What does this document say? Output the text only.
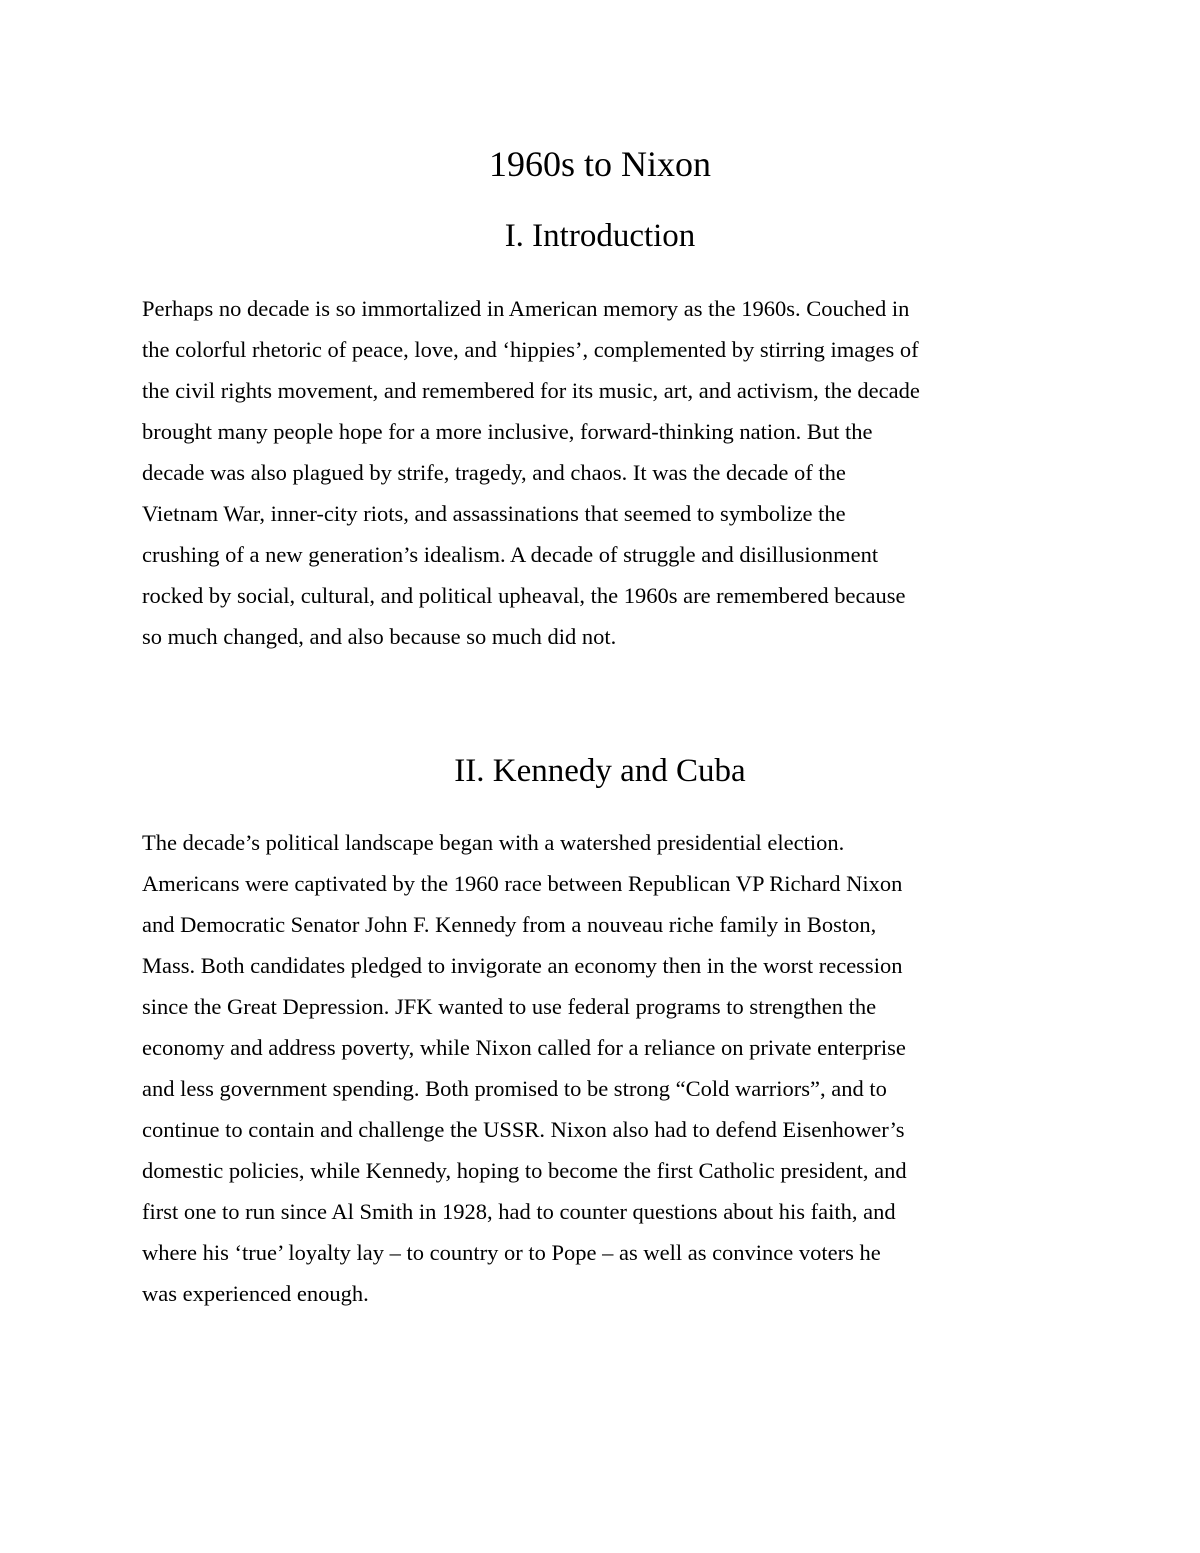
1960s to Nixon
I. Introduction

Perhaps no decade is so immortalized in American memory as the 1960s. Couched in
the colorful rhetoric of peace, love, and ‘hippies’, complemented by stirring images of
the civil rights movement, and remembered for its music, art, and activism, the decade
brought many people hope for a more inclusive, forward-thinking nation. But the
decade was also plagued by strife, tragedy, and chaos. It was the decade of the
Vietnam War, inner-city riots, and assassinations that seemed to symbolize the
crushing of a new generation’s idealism. A decade of struggle and disillusionment
rocked by social, cultural, and political upheaval, the 1960s are remembered because
so much changed, and also because so much did not.

II. Kennedy and Cuba

The decade’s political landscape began with a watershed presidential election.
Americans were captivated by the 1960 race between Republican VP Richard Nixon
and Democratic Senator John F. Kennedy from a nouveau riche family in Boston,
Mass. Both candidates pledged to invigorate an economy then in the worst recession
since the Great Depression. JFK wanted to use federal programs to strengthen the
economy and address poverty, while Nixon called for a reliance on private enterprise
and less government spending. Both promised to be strong “Cold warriors”, and to
continue to contain and challenge the USSR. Nixon also had to defend Eisenhower’s
domestic policies, while Kennedy, hoping to become the first Catholic president, and
first one to run since Al Smith in 1928, had to counter questions about his faith, and
where his ‘true’ loyalty lay – to country or to Pope – as well as convince voters he
was experienced enough.
